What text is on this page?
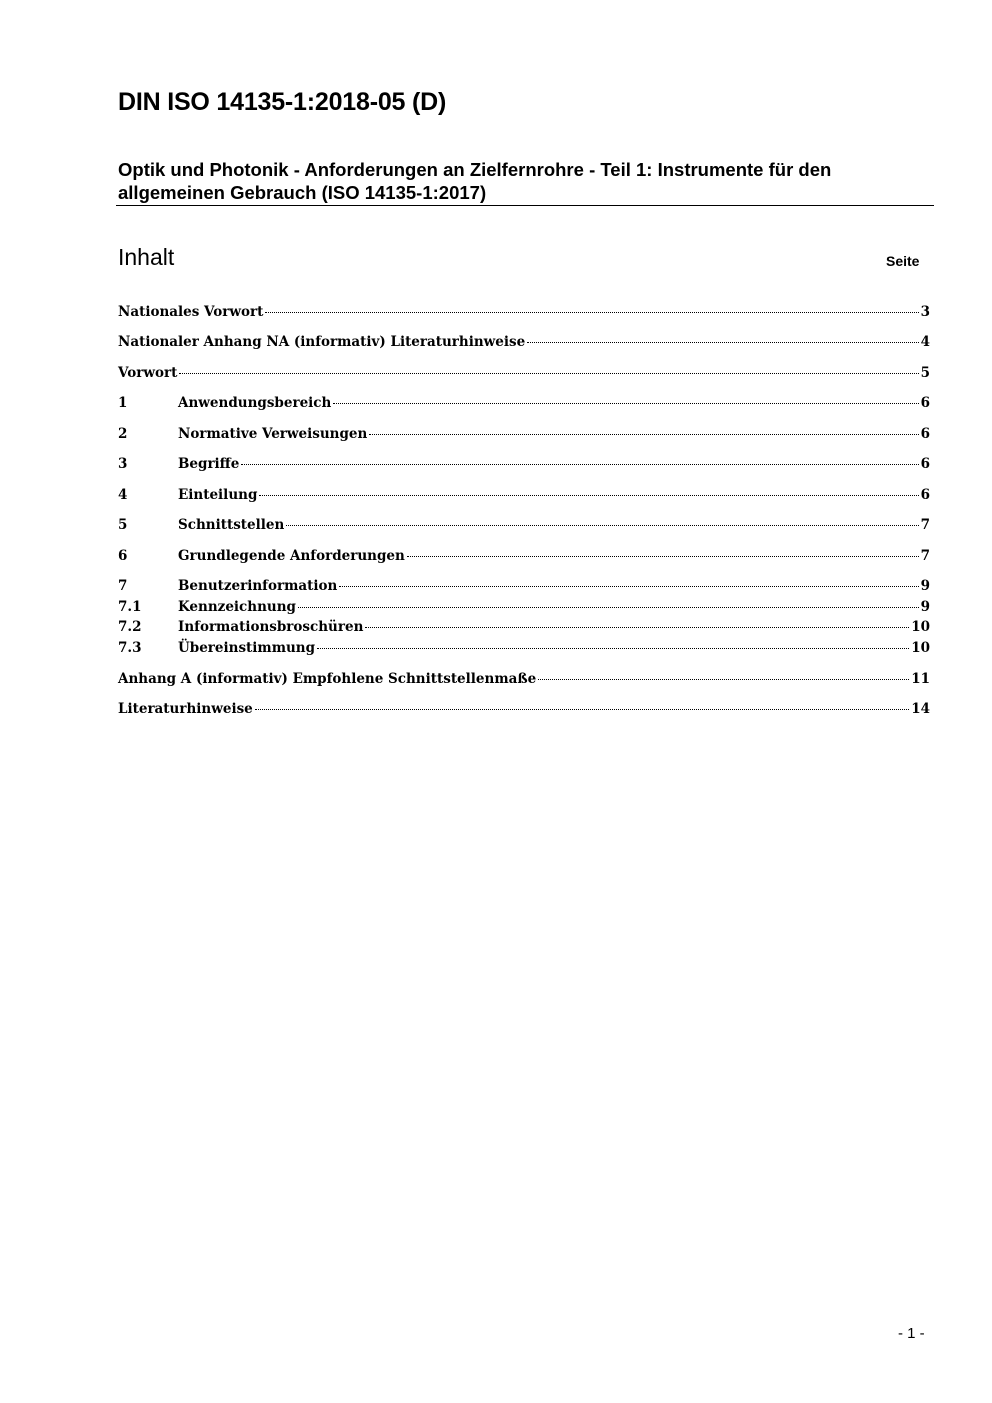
DIN ISO 14135-1:2018-05 (D)
Optik und Photonik - Anforderungen an Zielfernrohre - Teil 1: Instrumente für den allgemeinen Gebrauch (ISO 14135-1:2017)
Inhalt	Seite
Nationales Vorwort	3
Nationaler Anhang NA (informativ) Literaturhinweise	4
Vorwort	5
1	Anwendungsbereich	6
2	Normative Verweisungen	6
3	Begriffe	6
4	Einteilung	6
5	Schnittstellen	7
6	Grundlegende Anforderungen	7
7	Benutzerinformation	9
7.1	Kennzeichnung	9
7.2	Informationsbroschüren	10
7.3	Übereinstimmung	10
Anhang A (informativ) Empfohlene Schnittstellenmaße	11
Literaturhinweise	14
- 1 -
